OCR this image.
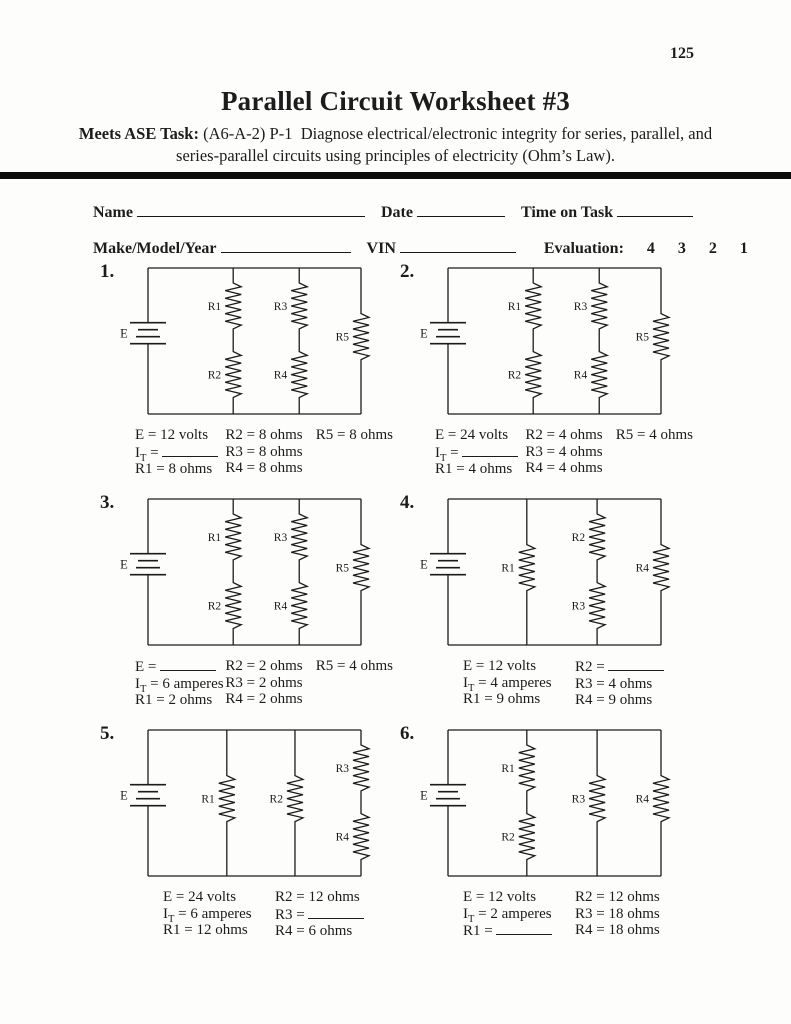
125
Parallel Circuit Worksheet #3
Meets ASE Task: (A6-A-2) P-1  Diagnose electrical/electronic integrity for series, parallel, and
series-parallel circuits using principles of electricity (Ohm’s Law).
Name	Date	Time on Task
Make/Model/Year	VIN	Evaluation: 4 3 2 1
1.
E
R1
R2
R3
R4
R5
E = 12 volts
$I_T$ =
R1 = 8 ohms
R2 = 8 ohms
R3 = 8 ohms
R4 = 8 ohms
R5 = 8 ohms
2.
E
R1
R2
R3
R4
R5
E = 24 volts
$I_T$ =
R1 = 4 ohms
R2 = 4 ohms
R3 = 4 ohms
R4 = 4 ohms
R5 = 4 ohms
3.
E
R1
R2
R3
R4
R5
E =
$I_T = 6$ amperes
R1 = 2 ohms
R2 = 2 ohms
R3 = 2 ohms
R4 = 2 ohms
R5 = 4 ohms
4.
E	R1
R2
R3
R4
E = 12 volts
$I_T = 4$ amperes
R1 = 9 ohms
R2 =
R3 = 4 ohms
R4 = 9 ohms
5.
E	R1	R2
R3
R4
E = 24 volts
$I_T = 6$ amperes
R1 = 12 ohms
R2 = 12 ohms
R3 =
R4 = 6 ohms
6.
E
R1
R2
R3	R4
E = 12 volts
$I_T = 2$ amperes
R1 =
R2 = 12 ohms
R3 = 18 ohms
R4 = 18 ohms
